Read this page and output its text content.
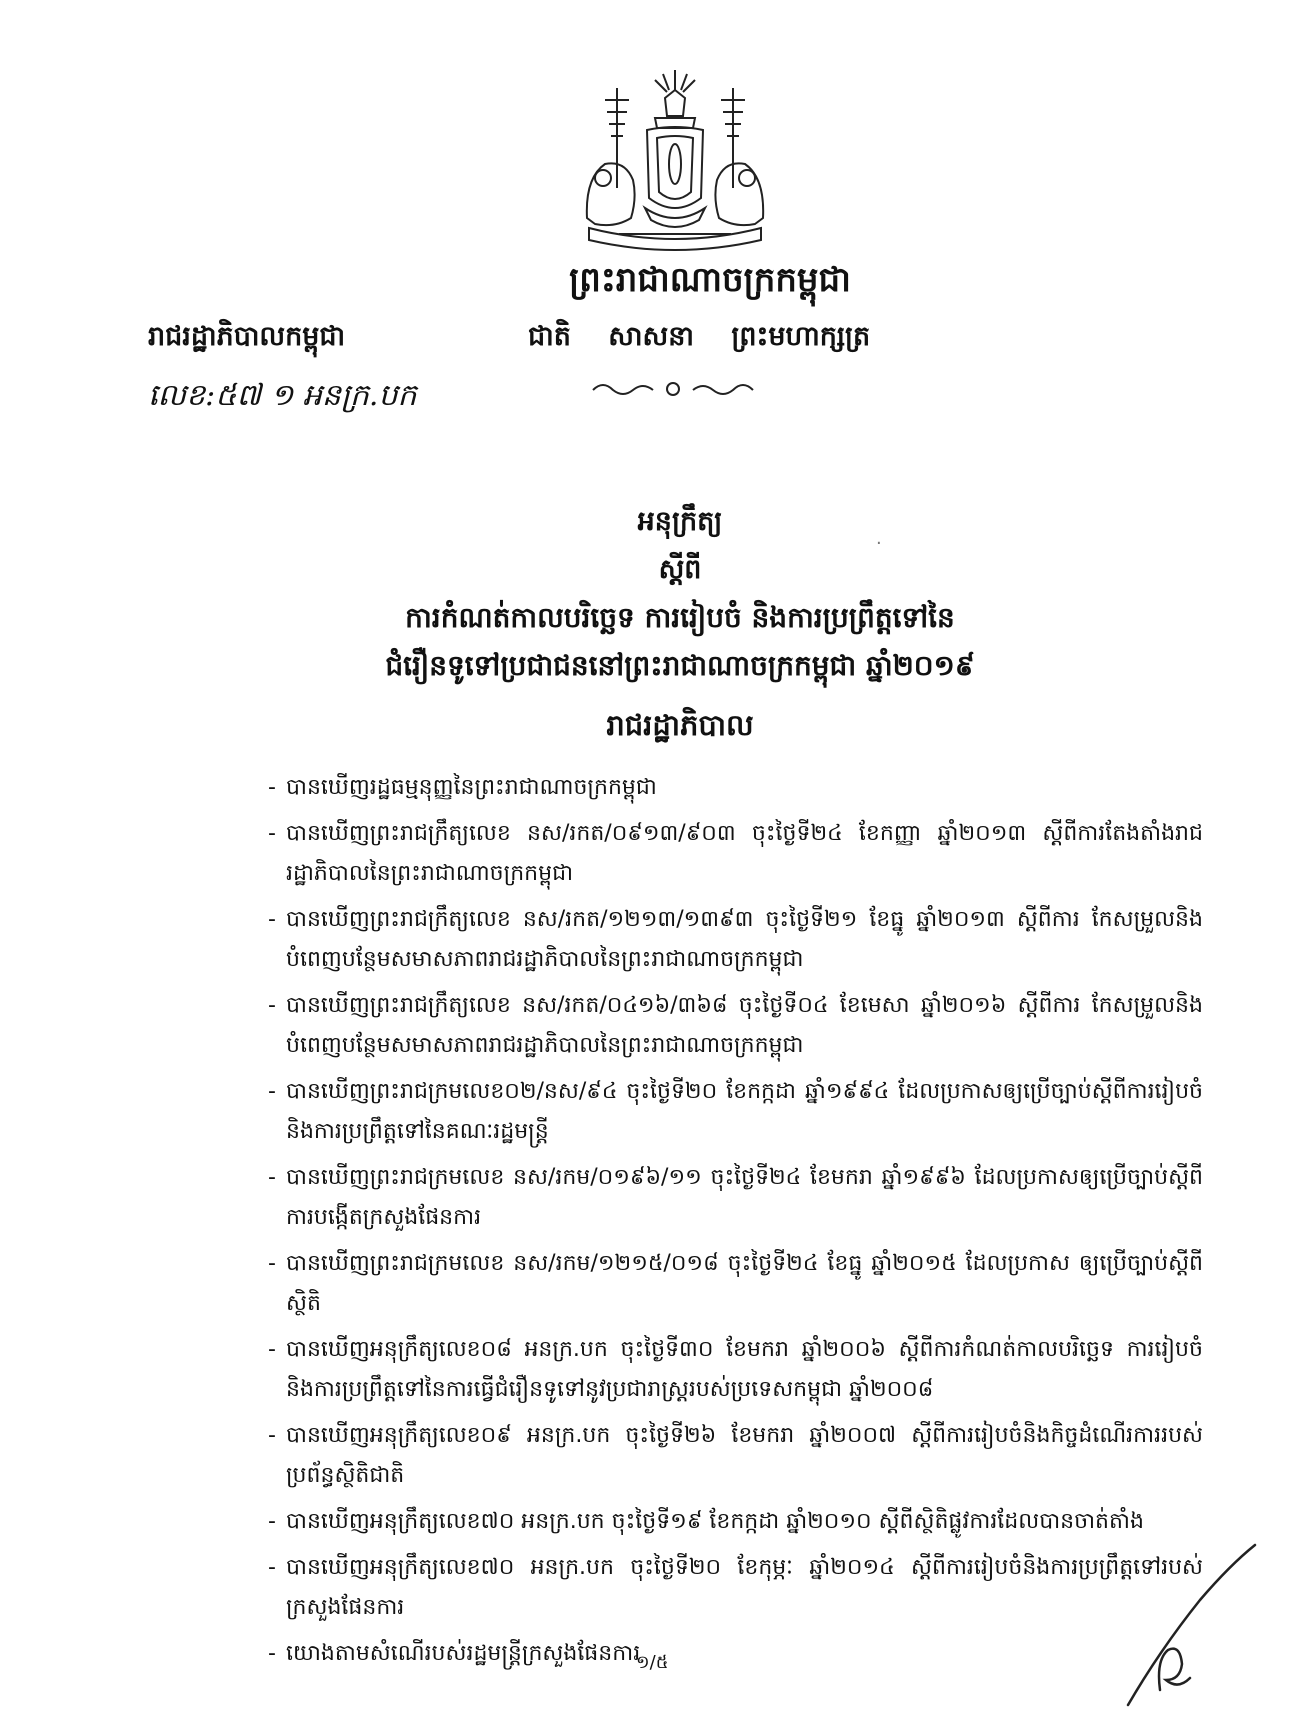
ព្រះរាជាណាចក្រកម្ពុជា
រាជរដ្ឋាភិបាលកម្ពុជា	ជាតិ សាសនា ព្រះមហាក្សត្រ
លេខ:៥៧ ១ អនក្រ.បក
.
អនុក្រឹត្យ
ស្តីពី
ការកំណត់កាលបរិច្ឆេទ ការរៀបចំ និងការប្រព្រឹត្តទៅនៃ
ជំរឿនទូទៅប្រជាជននៅព្រះរាជាណាចក្រកម្ពុជា ឆ្នាំ២០១៩
រាជរដ្ឋាភិបាល
- បានឃើញរដ្ឋធម្មនុញ្ញនៃព្រះរាជាណាចក្រកម្ពុជា
- បានឃើញព្រះរាជក្រឹត្យលេខ នស/រកត/០៩១៣/៩០៣ ចុះថ្ងៃទី២៤ ខែកញ្ញា ឆ្នាំ២០១៣ ស្តីពីការតែងតាំងរាជរដ្ឋាភិបាលនៃព្រះរាជាណាចក្រកម្ពុជា
- បានឃើញព្រះរាជក្រឹត្យលេខ នស/រកត/១២១៣/១៣៩៣ ចុះថ្ងៃទី២១ ខែធ្នូ ឆ្នាំ២០១៣ ស្តីពីការ កែសម្រួលនិងបំពេញបន្ថែមសមាសភាពរាជរដ្ឋាភិបាលនៃព្រះរាជាណាចក្រកម្ពុជា
- បានឃើញព្រះរាជក្រឹត្យលេខ នស/រកត/០៤១៦/៣៦៨ ចុះថ្ងៃទី០៤ ខែមេសា ឆ្នាំ២០១៦ ស្តីពីការ កែសម្រួលនិងបំពេញបន្ថែមសមាសភាពរាជរដ្ឋាភិបាលនៃព្រះរាជាណាចក្រកម្ពុជា
- បានឃើញព្រះរាជក្រមលេខ០២/នស/៩៤ ចុះថ្ងៃទី២០ ខែកក្កដា ឆ្នាំ១៩៩៤ ដែលប្រកាសឲ្យប្រើច្បាប់ស្តីពីការរៀបចំនិងការប្រព្រឹត្តទៅនៃគណៈរដ្ឋមន្ត្រី
- បានឃើញព្រះរាជក្រមលេខ នស/រកម/០១៩៦/១១ ចុះថ្ងៃទី២៤ ខែមករា ឆ្នាំ១៩៩៦ ដែលប្រកាសឲ្យប្រើច្បាប់ស្តីពីការបង្កើតក្រសួងផែនការ
- បានឃើញព្រះរាជក្រមលេខ នស/រកម/១២១៥/០១៨ ចុះថ្ងៃទី២៤ ខែធ្នូ ឆ្នាំ២០១៥ ដែលប្រកាស ឲ្យប្រើច្បាប់ស្តីពីស្ថិតិ
- បានឃើញអនុក្រឹត្យលេខ០៨ អនក្រ.បក ចុះថ្ងៃទី៣០ ខែមករា ឆ្នាំ២០០៦ ស្តីពីការកំណត់កាលបរិច្ឆេទ ការរៀបចំ និងការប្រព្រឹត្តទៅនៃការធ្វើជំរឿនទូទៅនូវប្រជារាស្ត្ររបស់ប្រទេសកម្ពុជា ឆ្នាំ២០០៨
- បានឃើញអនុក្រឹត្យលេខ០៩ អនក្រ.បក ចុះថ្ងៃទី២៦ ខែមករា ឆ្នាំ២០០៧ ស្តីពីការរៀបចំនិងកិច្ចដំណើរការរបស់ប្រព័ន្ធស្ថិតិជាតិ
- បានឃើញអនុក្រឹត្យលេខ៧០ អនក្រ.បក ចុះថ្ងៃទី១៩ ខែកក្កដា ឆ្នាំ២០១០ ស្តីពីស្ថិតិផ្លូវការដែលបានចាត់តាំង
- បានឃើញអនុក្រឹត្យលេខ៧០ អនក្រ.បក ចុះថ្ងៃទី២០ ខែកុម្ភៈ ឆ្នាំ២០១៤ ស្តីពីការរៀបចំនិងការប្រព្រឹត្តទៅរបស់ក្រសួងផែនការ
- យោងតាមសំណើរបស់រដ្ឋមន្ត្រីក្រសួងផែនការ
១/៥
